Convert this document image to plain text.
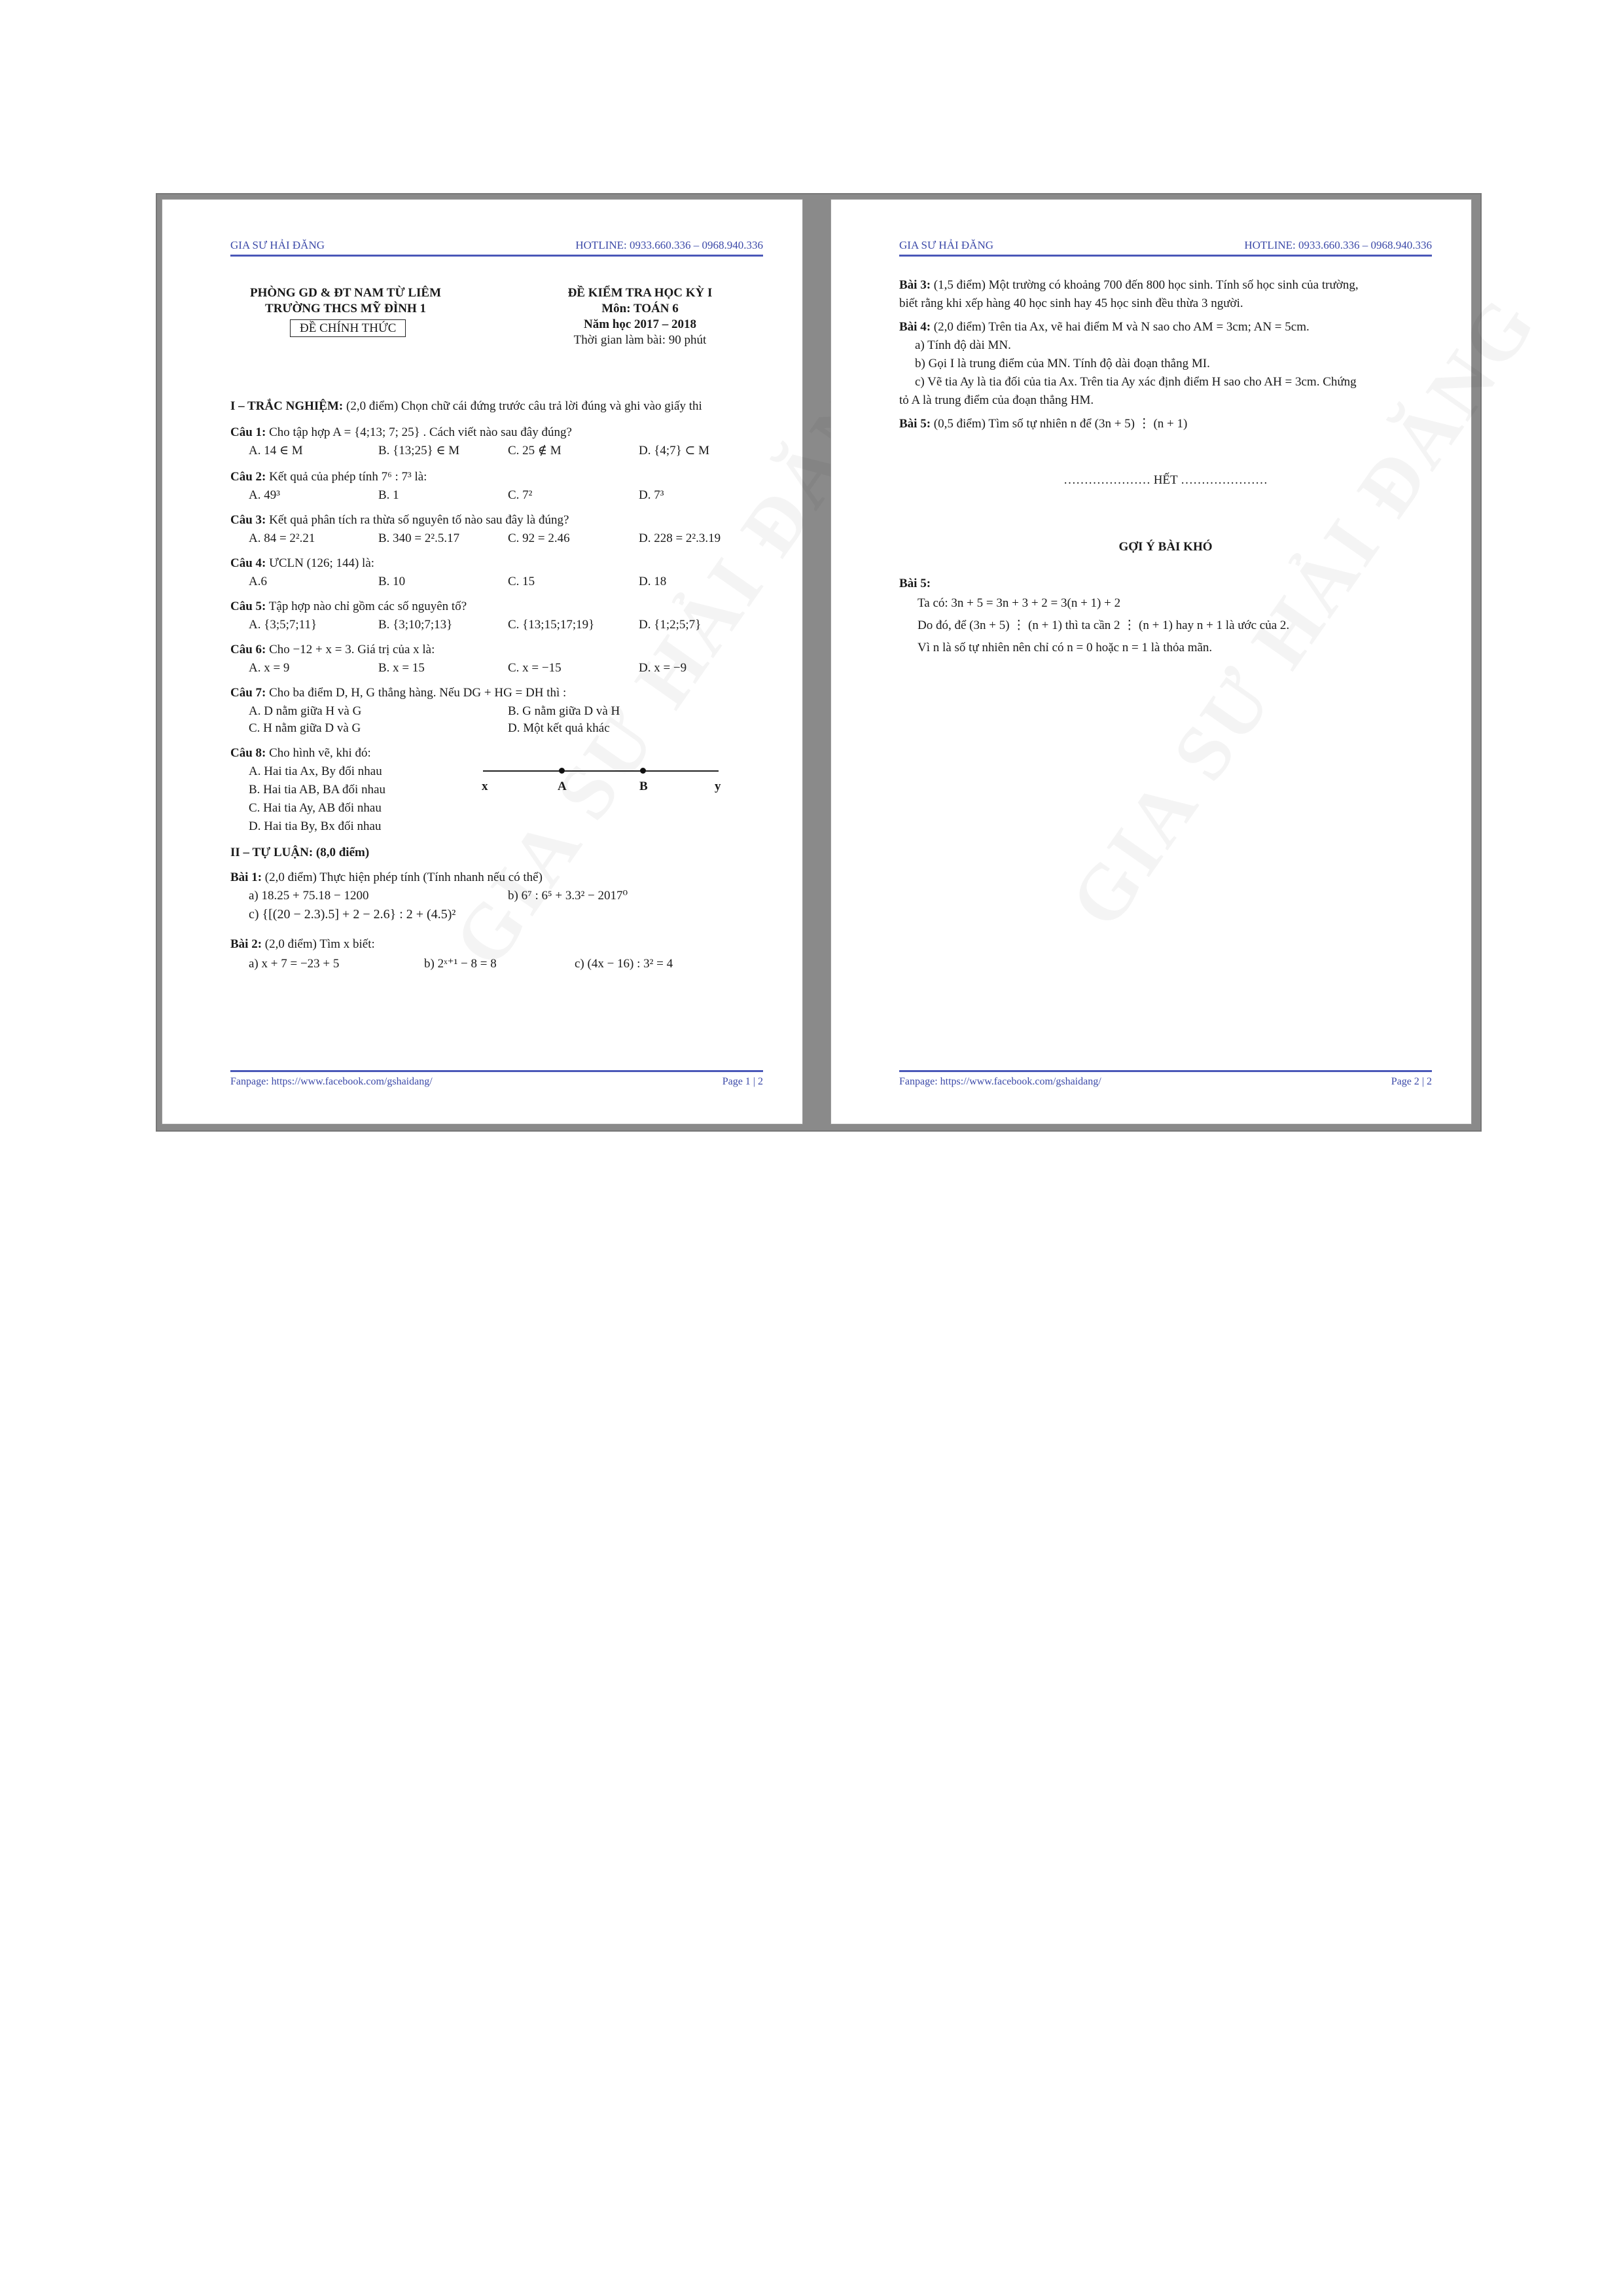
GIA SƯ HẢI ĐĂNG	HOTLINE: 0933.660.336 – 0968.940.336
PHÒNG GD & ĐT NAM TỪ LIÊM
TRƯỜNG THCS MỸ ĐÌNH 1
ĐỀ CHÍNH THỨC
ĐỀ KIỂM TRA HỌC KỲ I
Môn: TOÁN 6
Năm học 2017 – 2018
Thời gian làm bài: 90 phút
I – TRẮC NGHIỆM: (2,0 điểm) Chọn chữ cái đứng trước câu trả lời đúng và ghi vào giấy thi
Câu 1: Cho tập hợp A = {4;13; 7; 25} . Cách viết nào sau đây đúng?
A. 14 ∈ M	B. {13;25} ∈ M	C. 25 ∉ M	D. {4;7} ⊂ M
Câu 2: Kết quả của phép tính 7⁶ : 7³ là:
A. 49³	B. 1	C. 7²	D. 7³
Câu 3: Kết quả phân tích ra thừa số nguyên tố nào sau đây là đúng?
A. 84 = 2².21	B. 340 = 2².5.17	C. 92 = 2.46	D. 228 = 2².3.19
Câu 4: ƯCLN (126; 144) là:
A.6	B. 10	C. 15	D. 18
Câu 5: Tập hợp nào chỉ gồm các số nguyên tố?
A. {3;5;7;11}	B. {3;10;7;13}	C. {13;15;17;19}	D. {1;2;5;7}
Câu 6: Cho −12 + x = 3. Giá trị của x là:
A. x = 9	B. x = 15	C. x = −15	D. x = −9
Câu 7: Cho ba điểm D, H, G thẳng hàng. Nếu DG + HG = DH thì :
A. D nằm giữa H và G	B. G nằm giữa D và H
C. H nằm giữa D và G	D. Một kết quả khác
Câu 8: Cho hình vẽ, khi đó:
A. Hai tia Ax, By đối nhau
B. Hai tia AB, BA đối nhau
C. Hai tia Ay, AB đối nhau
D. Hai tia By, Bx đối nhau
x	A	B	y
II – TỰ LUẬN: (8,0 điểm)
Bài 1: (2,0 điểm) Thực hiện phép tính (Tính nhanh nếu có thể)
a) 18.25 + 75.18 − 1200	b) 6⁷ : 6⁵ + 3.3² − 2017⁰
c) {[(20 − 2.3).5] + 2 − 2.6} : 2 + (4.5)²
Bài 2: (2,0 điểm) Tìm x biết:
a) x + 7 = −23 + 5	b) 2ˣ⁺¹ − 8 = 8	c) (4x − 16) : 3² = 4
Fanpage: https://www.facebook.com/gshaidang/	Page 1 | 2
GIA SƯ HẢI ĐĂNG	HOTLINE: 0933.660.336 – 0968.940.336
Bài 3: (1,5 điểm) Một trường có khoảng 700 đến 800 học sinh. Tính số học sinh của trường,
biết rằng khi xếp hàng 40 học sinh hay 45 học sinh đều thừa 3 người.
Bài 4: (2,0 điểm) Trên tia Ax, vẽ hai điểm M và N sao cho AM = 3cm; AN = 5cm.
a) Tính độ dài MN.
b) Gọi I là trung điểm của MN. Tính độ dài đoạn thẳng MI.
c) Vẽ tia Ay là tia đối của tia Ax. Trên tia Ay xác định điểm H sao cho AH = 3cm. Chứng
tỏ A là trung điểm của đoạn thẳng HM.
Bài 5: (0,5 điểm) Tìm số tự nhiên n để (3n + 5) ⋮ (n + 1)
………………… HẾT …………………
GỢI Ý BÀI KHÓ
Bài 5:
Ta có: 3n + 5 = 3n + 3 + 2 = 3(n + 1) + 2
Do đó, để (3n + 5) ⋮ (n + 1) thì ta cần 2 ⋮ (n + 1) hay n + 1 là ước của 2.
Vì n là số tự nhiên nên chỉ có n = 0 hoặc n = 1 là thỏa mãn.
Fanpage: https://www.facebook.com/gshaidang/	Page 2 | 2
